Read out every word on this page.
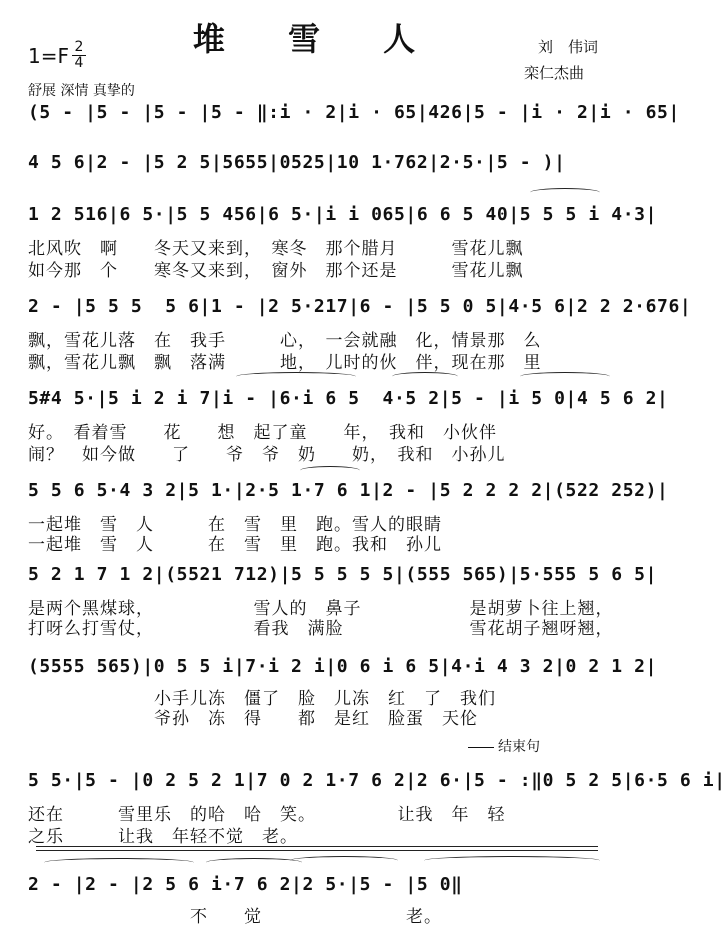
堆 雪 人	刘　伟词
栾仁杰曲
1=F 2
4
舒展 深情 真挚的
(5 - |5 - |5 - |5 - ‖:i · 2|i · 65|426|5 - |i · 2|i · 65|
4 5 6|2 - |5 2 5|5655|0525|10 1·762|2·5·|5 - )|
1 2 516|6 5·|5 5 456|6 5·|i i 065|6 6 5 40|5 5 5 i 4·3|
北风吹　啊　　冬天又来到，　寒冬　那个腊月　　　雪花儿飘
如今那　个　　寒冬又来到，　窗外　那个还是　　　雪花儿飘
2 - |5 5 5  5 6|1 - |2 5·217|6 - |5 5 0 5|4·5 6|2 2 2·676|
飘，雪花儿落　在　我手　　　心，　一会就融　化，情景那　么
飘，雪花儿飘　飘　落满　　　地，　儿时的伙　伴，现在那　里
5#4 5·|5 i 2 i 7|i - |6·i 6 5  4·5 2|5 - |i 5 0|4 5 6 2|
好。　看着雪　　花　　想　起了童　　年，　我和　小伙伴
闹？　如今做　　了　　爷　爷　奶　　奶，　我和　小孙儿
5 5 6 5·4 3 2|5 1·|2·5 1·7 6 1|2 - |5 2 2 2 2|(522 252)|
一起堆　雪　人　　　在　雪　里　跑。雪人的眼睛
一起堆　雪　人　　　在　雪　里　跑。我和　孙儿
5 2 1 7 1 2|(5521 712)|5 5 5 5 5|(555 565)|5·555 5 6 5|
是两个黑煤球，　　　　　　雪人的　鼻子　　　　　　是胡萝卜往上翘，
打呀么打雪仗，　　　　　　看我　满脸　　　　　　　雪花胡子翘呀翘，
(5555 565)|0 5 5 i|7·i 2 i|0 6 i 6 5|4·i 4 3 2|0 2 1 2|
　　　　　　　小手儿冻　僵了　脸　儿冻　红　了　我们
　　　　　　　爷孙　冻　得　　都　是红　脸蛋　天伦
结束句
5 5·|5 - |0 2 5 2 1|7 0 2 1·7 6 2|2 6·|5 - :‖0 5 2 5|6·5 6 i|
还在　　　雪里乐　的哈　哈　笑。　　　　　让我　年　轻
之乐　　　让我　年轻不觉　老。
2 - |2 - |2 5 6 i·7 6 2|2 5·|5 - |5 0‖
　　　　　　　　　不　　觉　　　　　　　　老。
